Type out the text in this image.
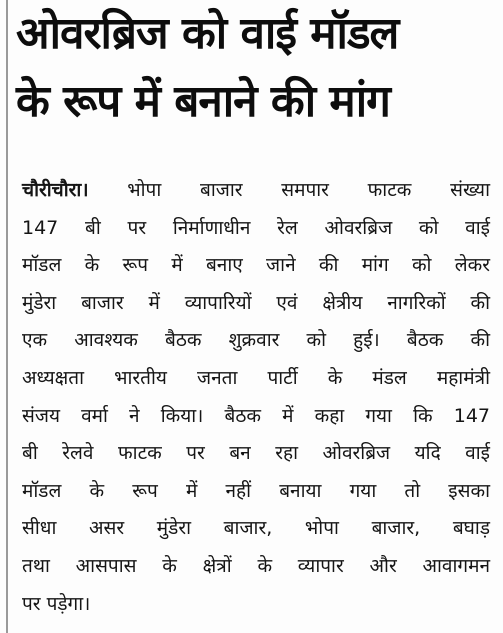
ओवरब्रिज को वाई मॉडल
के रूप में बनाने की मांग
चौरीचौरा। भोपा बाजार समपार फाटक संख्या
147 बी पर निर्माणाधीन रेल ओवरब्रिज को वाई
मॉडल के रूप में बनाए जाने की मांग को लेकर
मुंडेरा बाजार में व्यापारियों एवं क्षेत्रीय नागरिकों की
एक आवश्यक बैठक शुक्रवार को हुई। बैठक की
अध्यक्षता भारतीय जनता पार्टी के मंडल महामंत्री
संजय वर्मा ने किया। बैठक में कहा गया कि 147
बी रेलवे फाटक पर बन रहा ओवरब्रिज यदि वाई
मॉडल के रूप में नहीं बनाया गया तो इसका
सीधा असर मुंडेरा बाजार, भोपा बाजार, बघाड़
तथा आसपास के क्षेत्रों के व्यापार और आवागमन
पर पड़ेगा।
